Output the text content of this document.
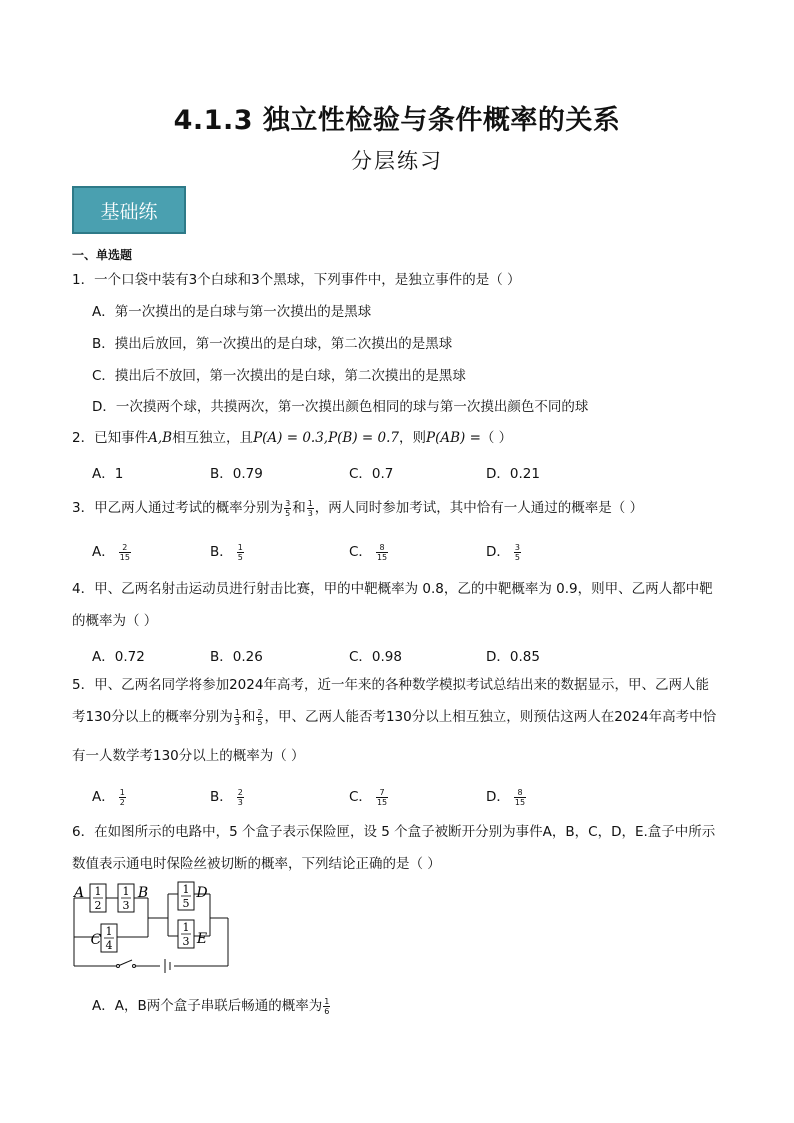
4.1.3 独立性检验与条件概率的关系
分层练习
基础练
一、单选题
1．一个口袋中装有3个白球和3个黑球，下列事件中，是独立事件的是（ ）
A．第一次摸出的是白球与第一次摸出的是黑球
B．摸出后放回，第一次摸出的是白球，第二次摸出的是黑球
C．摸出后不放回，第一次摸出的是白球，第二次摸出的是黑球
D．一次摸两个球，共摸两次，第一次摸出颜色相同的球与第一次摸出颜色不同的球
2．已知事件A,B相互独立，且P(A) = 0.3,P(B) = 0.7，则P(AB) =（ ）
A．1	B．0.79	C．0.7	D．0.21
3．甲乙两人通过考试的概率分别为 $\frac{3}{5}$ 和 $\frac{1}{3}$ ，两人同时参加考试，其中恰有一人通过的概率是（ ）
A． $\frac{2}{15}$	B． $\frac{1}{5}$	C． $\frac{8}{15}$	D． $\frac{3}{5}$
4．甲、乙两名射击运动员进行射击比赛，甲的中靶概率为 0.8，乙的中靶概率为 0.9，则甲、乙两人都中靶
的概率为（ ）
A．0.72	B．0.26	C．0.98	D．0.85
5．甲、乙两名同学将参加2024年高考，近一年来的各种数学模拟考试总结出来的数据显示，甲、乙两人能
考130分以上的概率分别为 $\frac{1}{3}$ 和 $\frac{2}{5}$ ，甲、乙两人能否考130分以上相互独立，则预估这两人在2024年高考中恰
有一人数学考130分以上的概率为（ ）
A． $\frac{1}{2}$	B． $\frac{2}{3}$	C． $\frac{7}{15}$	D． $\frac{8}{15}$
6．在如图所示的电路中，5 个盒子表示保险匣，设 5 个盒子被断开分别为事件A，B，C，D，E.盒子中所示
数值表示通电时保险丝被切断的概率，下列结论正确的是（ ）
1
2
1
3
1
4
1
5
1
3
A	B
C
D
E
A．A，B两个盒子串联后畅通的概率为 $\frac{1}{6}$
